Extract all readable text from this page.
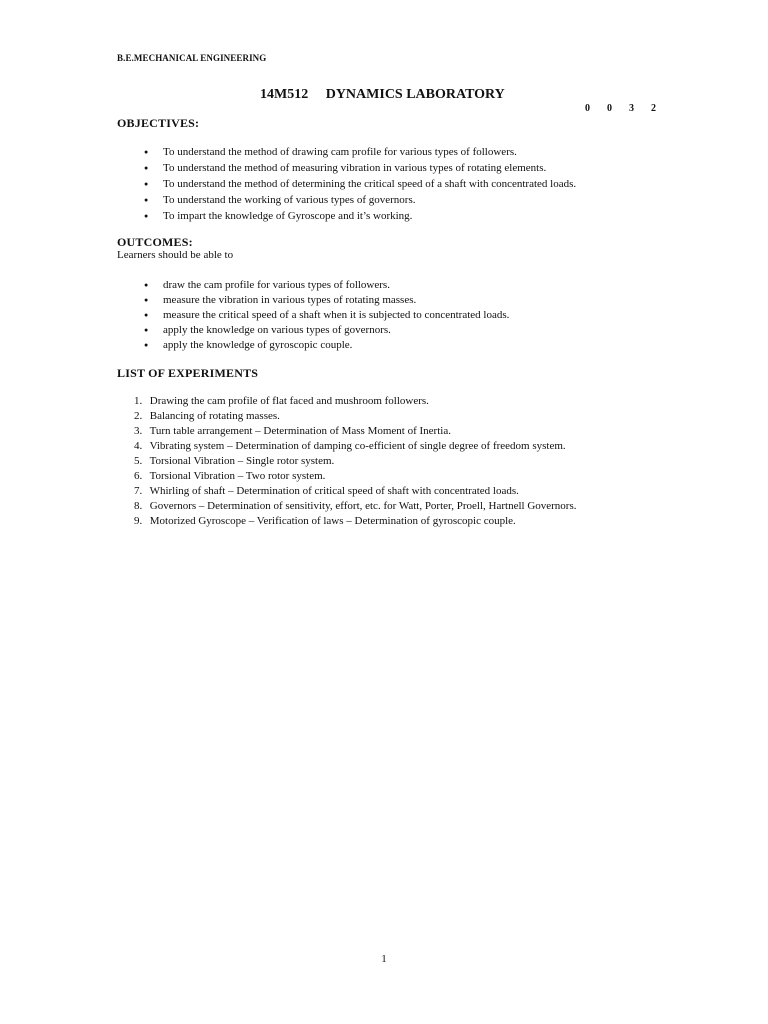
B.E.MECHANICAL ENGINEERING
14M512     DYNAMICS LABORATORY
0	0	3	2
OBJECTIVES:
● To understand the method of drawing cam profile for various types of followers.
● To understand the method of measuring vibration in various types of rotating elements.
● To understand the method of determining the critical speed of a shaft with concentrated loads.
● To understand the working of various types of governors.
● To impart the knowledge of Gyroscope and it’s working.
OUTCOMES:
Learners should be able to
● draw the cam profile for various types of followers.
● measure the vibration in various types of rotating masses.
● measure the critical speed of a shaft when it is subjected to concentrated loads.
● apply the knowledge on various types of governors.
● apply the knowledge of gyroscopic couple.
LIST OF EXPERIMENTS
1. Drawing the cam profile of flat faced and mushroom followers.
2. Balancing of rotating masses.
3. Turn table arrangement – Determination of Mass Moment of Inertia.
4. Vibrating system – Determination of damping co-efficient of single degree of freedom system.
5. Torsional Vibration – Single rotor system.
6. Torsional Vibration – Two rotor system.
7. Whirling of shaft – Determination of critical speed of shaft with concentrated loads.
8. Governors – Determination of sensitivity, effort, etc. for Watt, Porter, Proell, Hartnell Governors.
9. Motorized Gyroscope – Verification of laws – Determination of gyroscopic couple.
1
